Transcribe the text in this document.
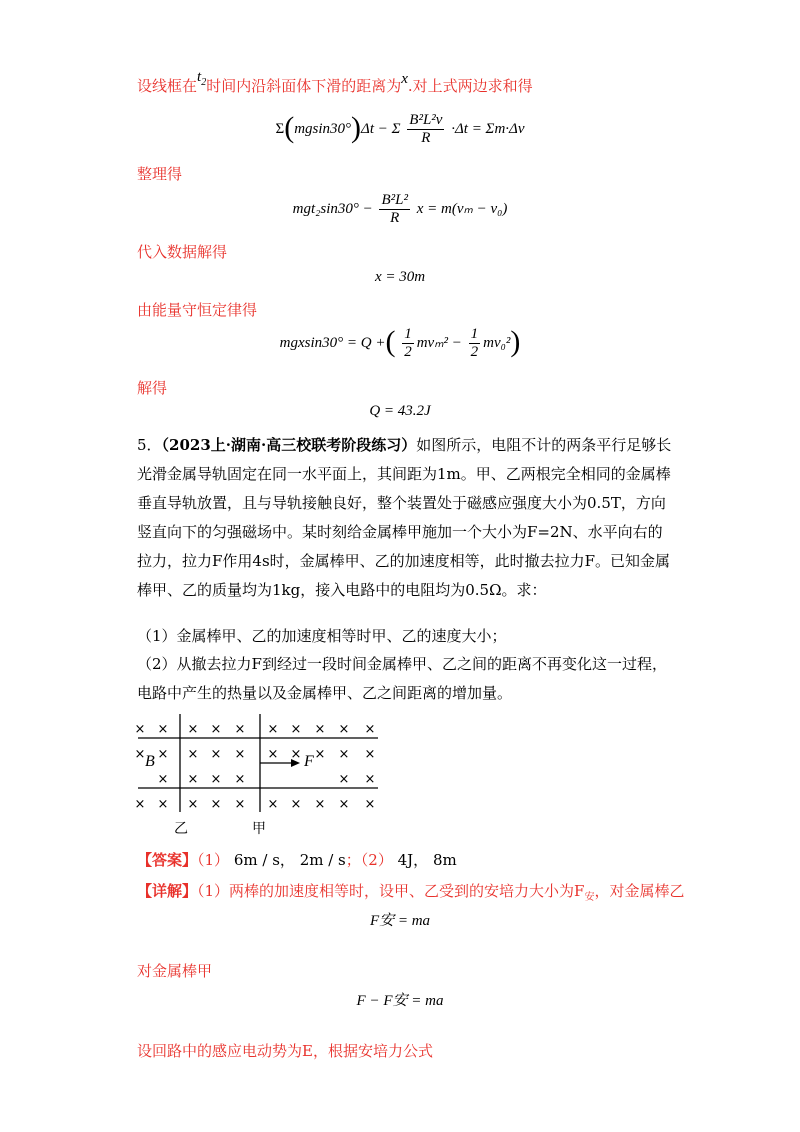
设线框在$t_2$时间内沿斜面体下滑的距离为x.对上式两边求和得
Σ(mgsin30°)Δt − Σ $\frac{\text{B²L²v}}{R} \cdot\Delta t = \Sigma m\cdot\Delta v$
整理得
$mgt_2\sin 30^\circ - \frac{\text{B²L²}}{R}$ x = m(vₘ − v₀)
代入数据解得
x = 30m
由能量守恒定律得
mgxsin30° = Q +( $\frac{1}{2} mv_m^2 - \frac{1}{2} mv_0^2$)
解得
Q = 43.2J
5．（2023上·湖南·高三校联考阶段练习）如图所示，电阻不计的两条平行足够长光滑金属导轨固定在同一水平面上，其间距为1m。甲、乙两根完全相同的金属棒垂直导轨放置，且与导轨接触良好，整个装置处于磁感应强度大小为0.5T，方向竖直向下的匀强磁场中。某时刻给金属棒甲施加一个大小为F=2N、水平向右的拉力，拉力F作用4s时，金属棒甲、乙的加速度相等，此时撤去拉力F。已知金属棒甲、乙的质量均为1kg，接入电路中的电阻均为0.5Ω。求：
（1）金属棒甲、乙的加速度相等时甲、乙的速度大小；
（2）从撤去拉力F到经过一段时间金属棒甲、乙之间的距离不再变化这一过程，电路中产生的热量以及金属棒甲、乙之间距离的增加量。
× × × × × × × × × ×
× × × × × × × × × ×
× × × ×	× ×
× × × × × × × × × ×
B	F
乙	甲
【答案】（1） 6m / s， 2m / s；（2） 4J， 8m
【详解】（1）两棒的加速度相等时，设甲、乙受到的安培力大小为$F_安$，对金属棒乙
F安 = ma
对金属棒甲
F − F安 = ma
设回路中的感应电动势为E，根据安培力公式
